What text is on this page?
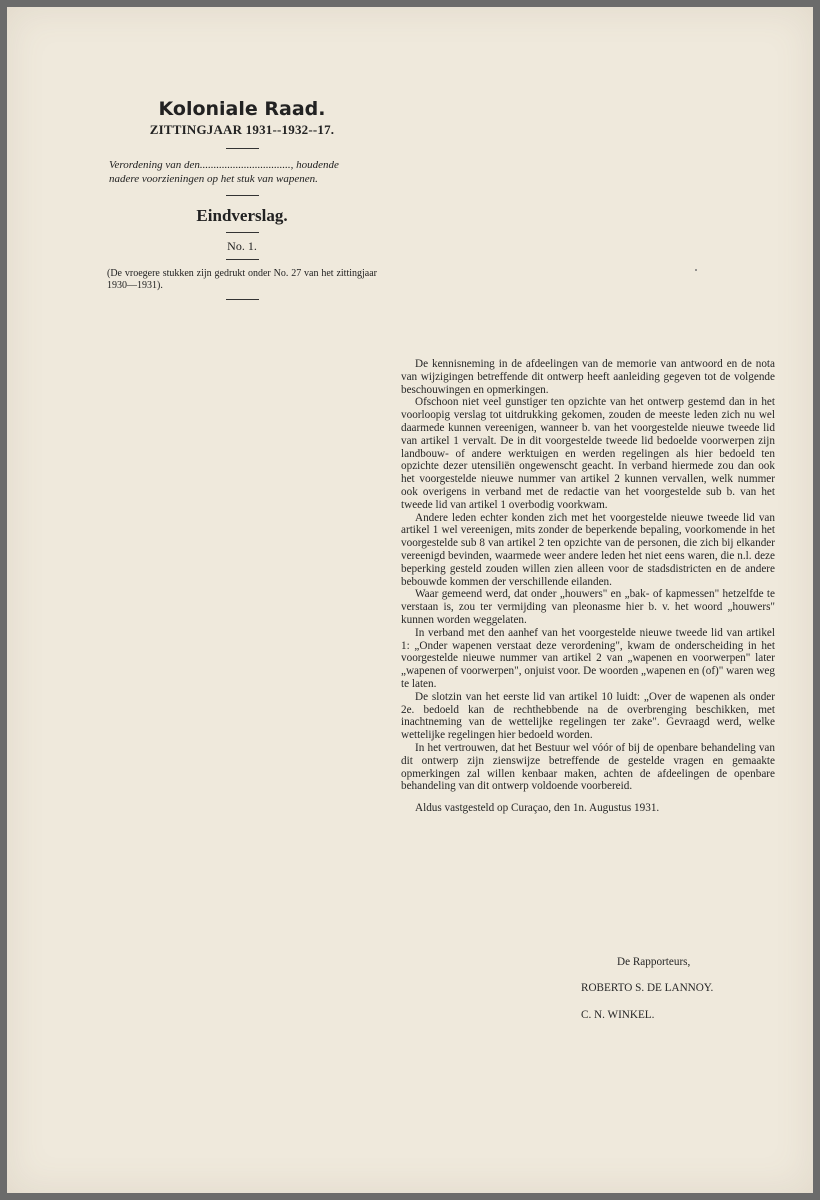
Koloniale Raad.

ZITTINGJAAR 1931--1932--17.

Verordening van den................................., houdende nadere voorzieningen op het stuk van wapenen.

Eindverslag.

No. 1.

(De vroegere stukken zijn gedrukt onder No. 27 van het zittingjaar 1930—1931).

De kennisneming in de afdeelingen van de memorie van antwoord en de nota van wijzigingen betreffende dit ontwerp heeft aanleiding gegeven tot de volgende beschouwingen en opmerkingen.

Ofschoon niet veel gunstiger ten opzichte van het ontwerp gestemd dan in het voorloopig verslag tot uitdrukking gekomen, zouden de meeste leden zich nu wel daarmede kunnen vereenigen, wanneer b. van het voorgestelde nieuwe tweede lid van artikel 1 vervalt. De in dit voorgestelde tweede lid bedoelde voorwerpen zijn landbouw- of andere werktuigen en werden regelingen als hier bedoeld ten opzichte dezer utensiliën ongewenscht geacht. In verband hiermede zou dan ook het voorgestelde nieuwe nummer van artikel 2 kunnen vervallen, welk nummer ook overigens in verband met de redactie van het voorgestelde sub b. van het tweede lid van artikel 1 overbodig voorkwam.

Andere leden echter konden zich met het voorgestelde nieuwe tweede lid van artikel 1 wel vereenigen, mits zonder de beperkende bepaling, voorkomende in het voorgestelde sub 8 van artikel 2 ten opzichte van de personen, die zich bij elkander vereenigd bevinden, waarmede weer andere leden het niet eens waren, die n.l. deze beperking gesteld zouden willen zien alleen voor de stadsdistricten en de andere bebouwde kommen der verschillende eilanden.

Waar gemeend werd, dat onder „houwers" en „bak- of kapmessen" hetzelfde te verstaan is, zou ter vermijding van pleonasme hier b. v. het woord „houwers" kunnen worden weggelaten.

In verband met den aanhef van het voorgestelde nieuwe tweede lid van artikel 1: „Onder wapenen verstaat deze verordening", kwam de onderscheiding in het voorgestelde nieuwe nummer van artikel 2 van „wapenen en voorwerpen" later „wapenen of voorwerpen", onjuist voor. De woorden „wapenen en (of)" waren weg te laten.

De slotzin van het eerste lid van artikel 10 luidt: „Over de wapenen als onder 2e. bedoeld kan de rechthebbende na de overbrenging beschikken, met inachtneming van de wettelijke regelingen ter zake". Gevraagd werd, welke wettelijke regelingen hier bedoeld worden.

In het vertrouwen, dat het Bestuur wel vóór of bij de openbare behandeling van dit ontwerp zijn zienswijze betreffende de gestelde vragen en gemaakte opmerkingen zal willen kenbaar maken, achten de afdeelingen de openbare behandeling van dit ontwerp voldoende voorbereid.

Aldus vastgesteld op Curaçao, den 1n. Augustus 1931.

De Rapporteurs,
ROBERTO S. DE LANNOY.
C. N. WINKEL.
